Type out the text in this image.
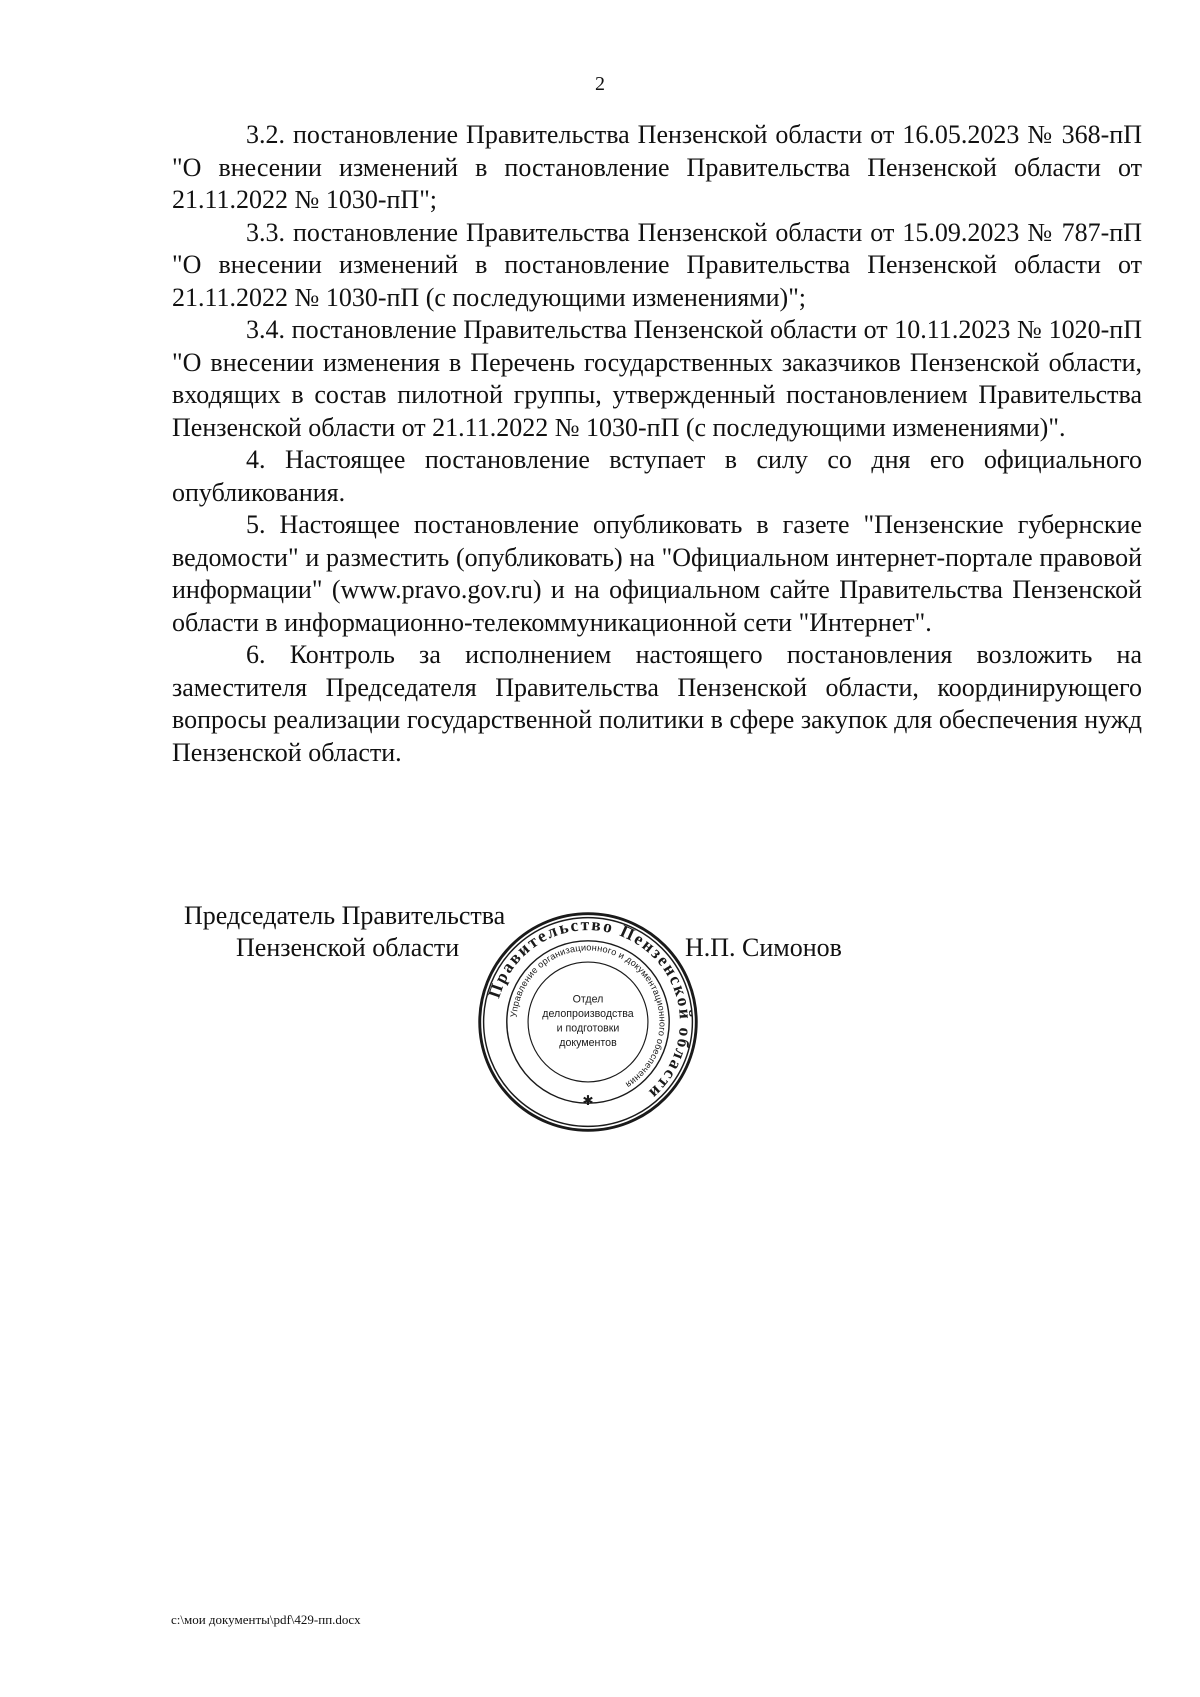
2

3.2. постановление Правительства Пензенской области от 16.05.2023 № 368-пП "О внесении изменений в постановление Правительства Пензенской области от 21.11.2022 № 1030-пП";

3.3. постановление Правительства Пензенской области от 15.09.2023 № 787-пП "О внесении изменений в постановление Правительства Пензенской области от 21.11.2022 № 1030-пП (с последующими изменениями)";

3.4. постановление Правительства Пензенской области от 10.11.2023 № 1020-пП "О внесении изменения в Перечень государственных заказчиков Пензенской области, входящих в состав пилотной группы, утвержденный постановлением Правительства Пензенской области от 21.11.2022 № 1030-пП (с последующими изменениями)".

4. Настоящее постановление вступает в силу со дня его официального опубликования.

5. Настоящее постановление опубликовать в газете "Пензенские губернские ведомости" и разместить (опубликовать) на "Официальном интернет-портале правовой информации" (www.pravo.gov.ru) и на официальном сайте Правительства Пензенской области в информационно-телекоммуникационной сети "Интернет".

6. Контроль за исполнением настоящего постановления возложить на заместителя Председателя Правительства Пензенской области, координирующего вопросы реализации государственной политики в сфере закупок для обеспечения нужд Пензенской области.

Председатель Правительства
Пензенской области	Н.П. Симонов
Правительство Пензенской области
Управление организационного и документационного обеспечения
Отдел
делопроизводства
и подготовки
документов
✱
c:\мои документы\pdf\429-пп.docx
